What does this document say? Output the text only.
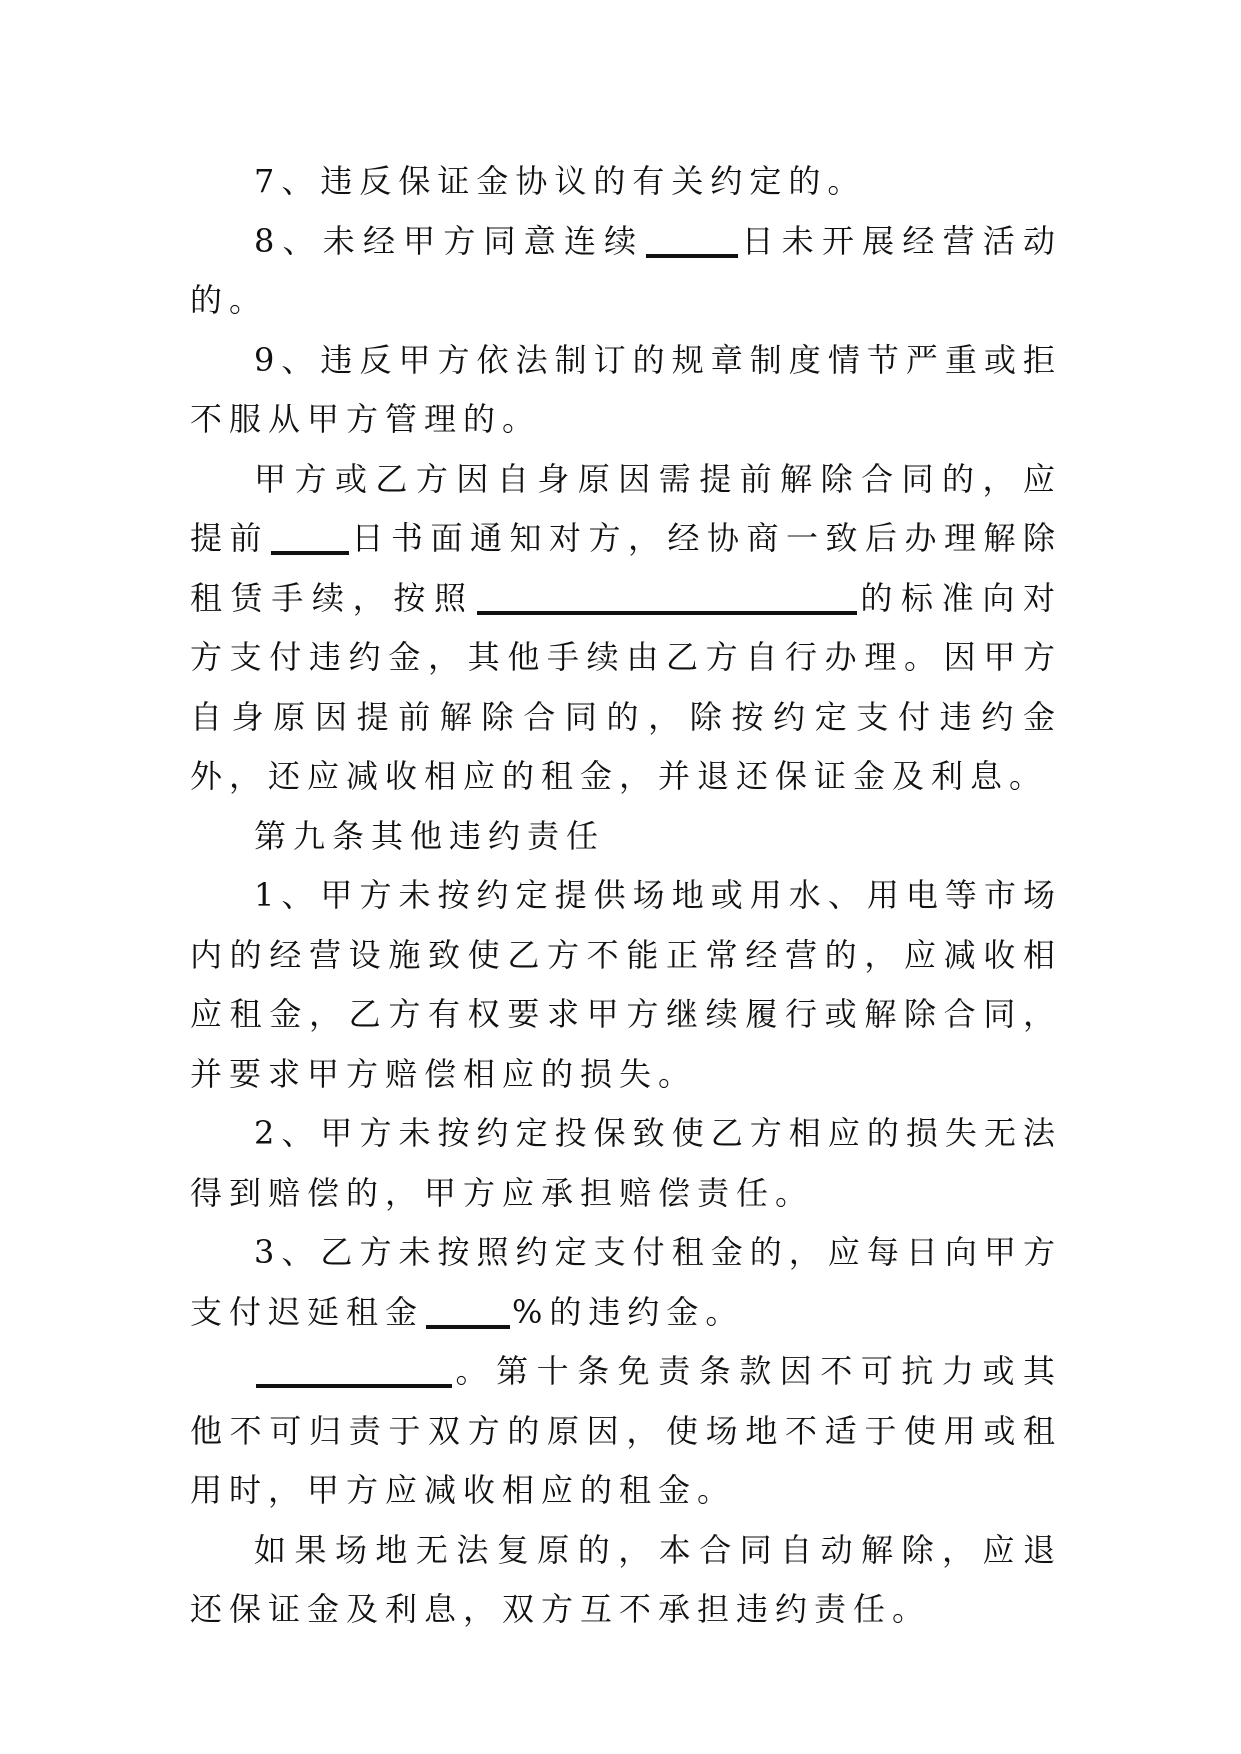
7、违反保证金协议的有关约定的。

8、未经甲方同意连续	日未开展经营活动的。

9、违反甲方依法制订的规章制度情节严重或拒不服从甲方管理的。

甲方或乙方因自身原因需提前解除合同的，应提前	日书面通知对方，经协商一致后办理解除租赁手续，按照	的标准向对方支付违约金，其他手续由乙方自行办理。因甲方自身原因提前解除合同的，除按约定支付违约金外，还应减收相应的租金，并退还保证金及利息。

第九条其他违约责任

1、甲方未按约定提供场地或用水、用电等市场内的经营设施致使乙方不能正常经营的，应减收相应租金，乙方有权要求甲方继续履行或解除合同，并要求甲方赔偿相应的损失。

2、甲方未按约定投保致使乙方相应的损失无法得到赔偿的，甲方应承担赔偿责任。

3、乙方未按照约定支付租金的，应每日向甲方支付迟延租金	%的违约金。

。第十条免责条款因不可抗力或其他不可归责于双方的原因，使场地不适于使用或租用时，甲方应减收相应的租金。

如果场地无法复原的，本合同自动解除，应退还保证金及利息，双方互不承担违约责任。
